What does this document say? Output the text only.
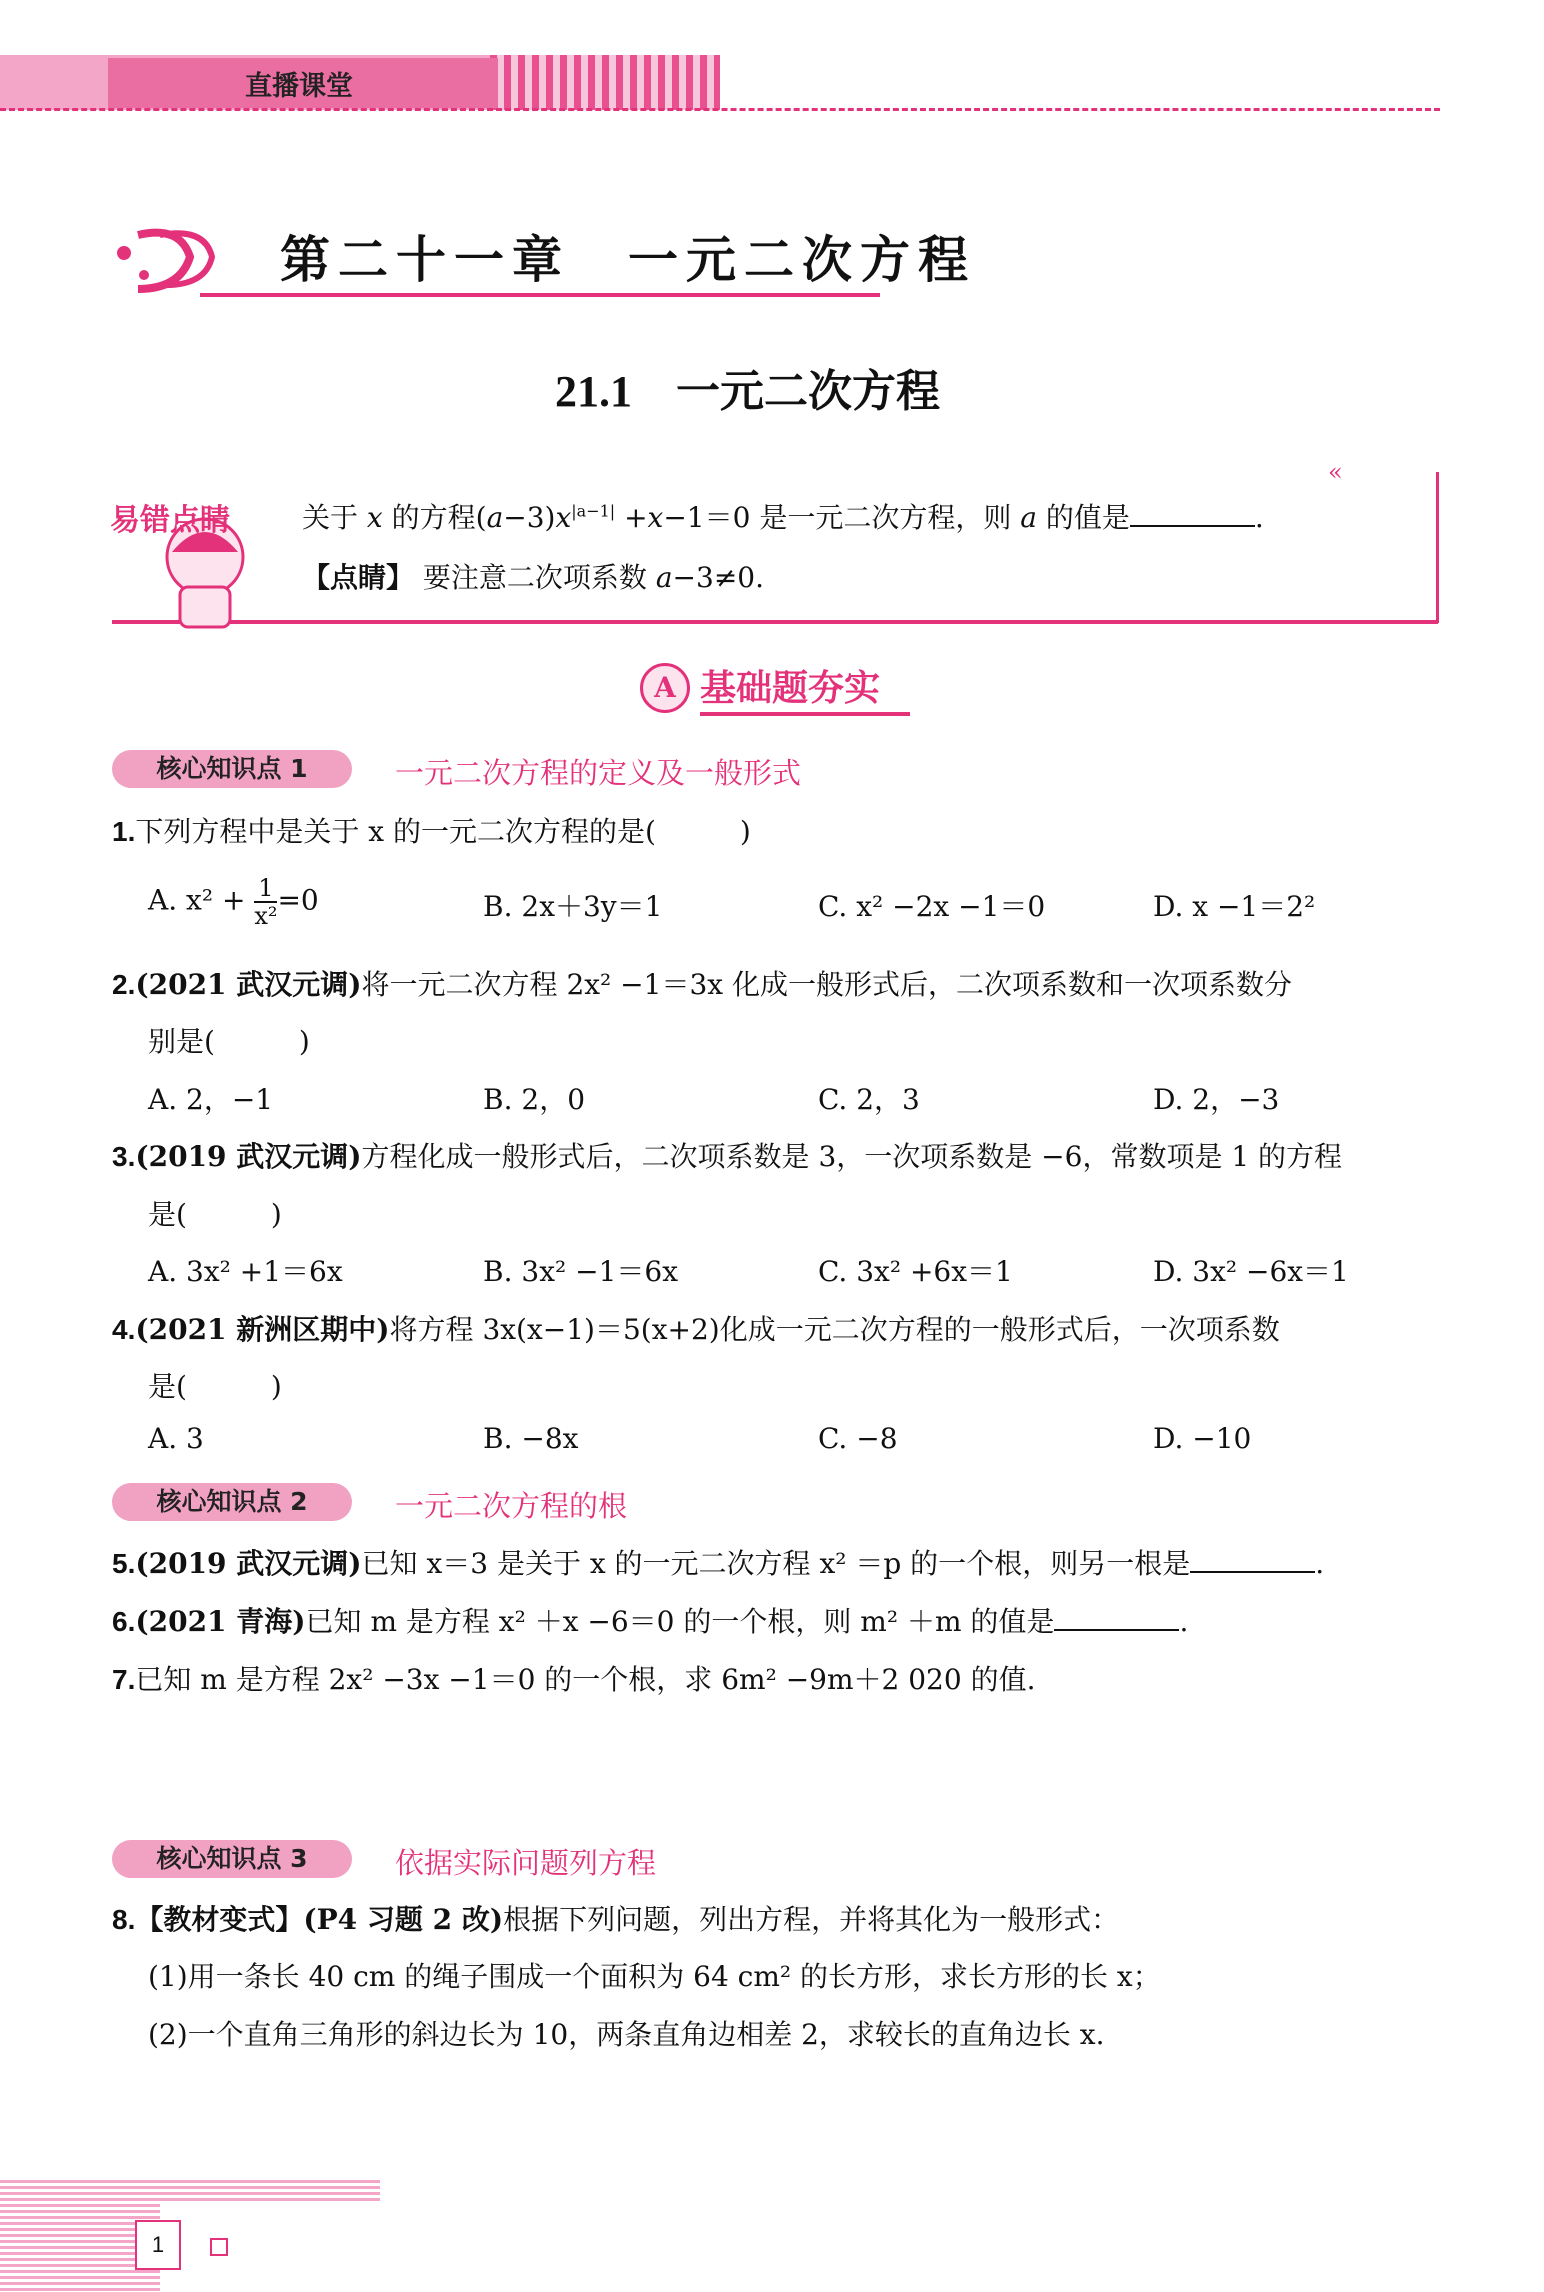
直播课堂
第二十一章　一元二次方程
21.1　一元二次方程
«
易错点睛	关于 x 的方程$(a-3)x^{|a-1|} +x-1=0$ 是一元二次方程，则 a 的值是	.
【点睛】 要注意二次项系数 a−3≠0.
A 基础题夯实
核心知识点 1	一元二次方程的定义及一般形式
1.下列方程中是关于 x 的一元二次方程的是(　　　)
A. $x^2 + \frac{1}{\text{x²}} =0$	B. 2x＋3y＝1	C. x² −2x −1＝0	D. x −1＝2²
2.(2021 武汉元调)将一元二次方程 2x² −1＝3x 化成一般形式后，二次项系数和一次项系数分
别是(　　　)
A. 2，−1	B. 2，0	C. 2，3	D. 2，−3
3.(2019 武汉元调)方程化成一般形式后，二次项系数是 3，一次项系数是 −6，常数项是 1 的方程
是(　　　)
A. 3x² +1＝6x	B. 3x² −1＝6x	C. 3x² +6x＝1	D. 3x² −6x＝1
4.(2021 新洲区期中)将方程 3x(x−1)＝5(x+2)化成一元二次方程的一般形式后，一次项系数
是(　　　)
A. 3	B. −8x	C. −8	D. −10
核心知识点 2	一元二次方程的根
5.(2019 武汉元调)已知 x＝3 是关于 x 的一元二次方程 x² ＝p 的一个根，则另一根是	.
6.(2021 青海)已知 m 是方程 x² ＋x −6＝0 的一个根，则 m² ＋m 的值是	.
7.已知 m 是方程 2x² −3x −1＝0 的一个根，求 6m² −9m＋2 020 的值.
核心知识点 3	依据实际问题列方程
8.【教材变式】(P4 习题 2 改)根据下列问题，列出方程，并将其化为一般形式：
(1)用一条长 40 cm 的绳子围成一个面积为 64 cm² 的长方形，求长方形的长 x；
(2)一个直角三角形的斜边长为 10，两条直角边相差 2，求较长的直角边长 x.
1
